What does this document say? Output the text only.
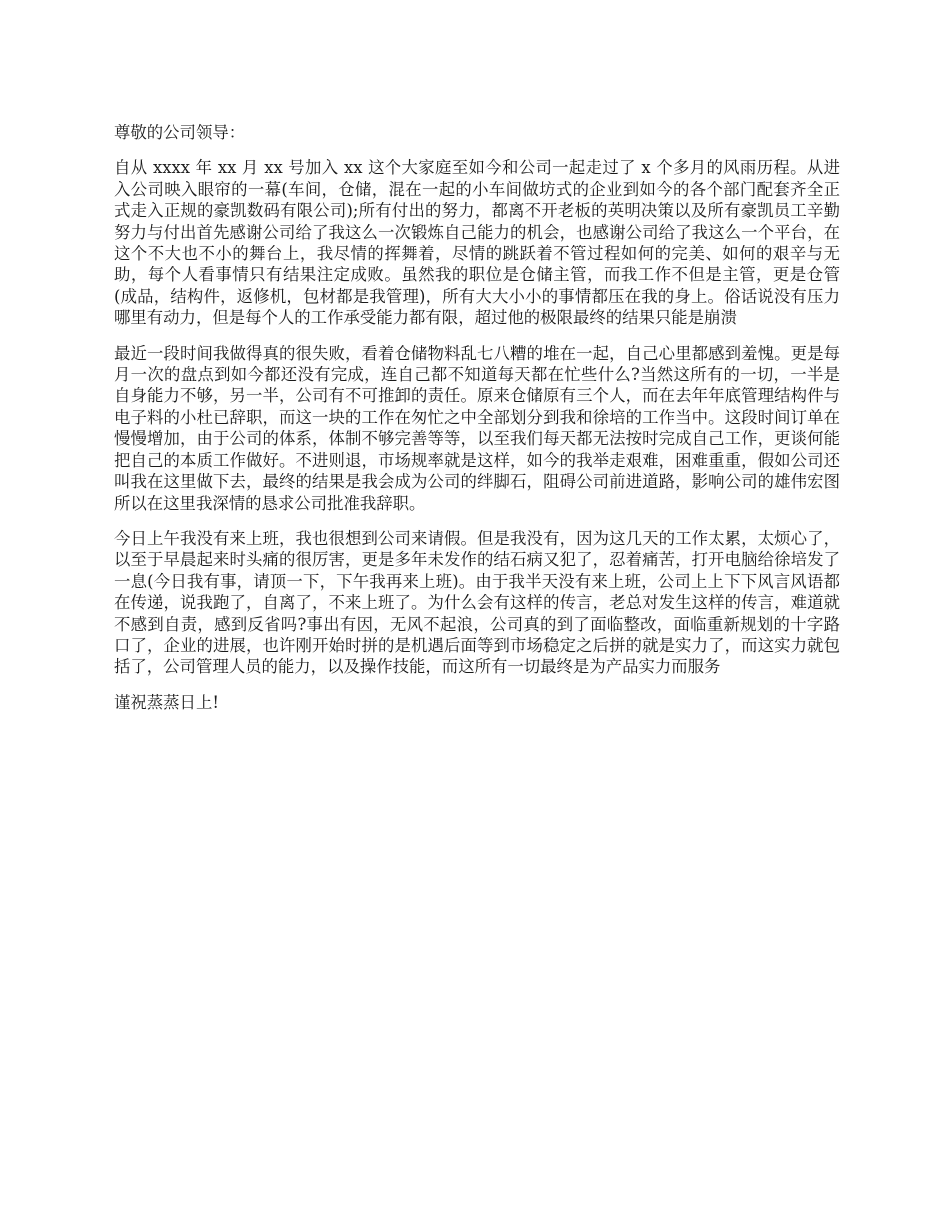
尊敬的公司领导：

自从 xxxx 年 xx 月 xx 号加入 xx 这个大家庭至如今和公司一起走过了 x 个多月的风雨历程。从进入公司映入眼帘的一幕(车间，仓储，混在一起的小车间做坊式的企业到如今的各个部门配套齐全正式走入正规的豪凯数码有限公司);所有付出的努力，都离不开老板的英明决策以及所有豪凯员工辛勤努力与付出首先感谢公司给了我这么一次锻炼自己能力的机会，也感谢公司给了我这么一个平台，在这个不大也不小的舞台上，我尽情的挥舞着，尽情的跳跃着不管过程如何的完美、如何的艰辛与无助，每个人看事情只有结果注定成败。虽然我的职位是仓储主管，而我工作不但是主管，更是仓管(成品，结构件，返修机，包材都是我管理)，所有大大小小的事情都压在我的身上。俗话说没有压力哪里有动力，但是每个人的工作承受能力都有限，超过他的极限最终的结果只能是崩溃

最近一段时间我做得真的很失败，看着仓储物料乱七八糟的堆在一起，自己心里都感到羞愧。更是每月一次的盘点到如今都还没有完成，连自己都不知道每天都在忙些什么?当然这所有的一切，一半是自身能力不够，另一半，公司有不可推卸的责任。原来仓储原有三个人，而在去年年底管理结构件与电子料的小杜已辞职，而这一块的工作在匆忙之中全部划分到我和徐培的工作当中。这段时间订单在慢慢增加，由于公司的体系，体制不够完善等等，以至我们每天都无法按时完成自己工作，更谈何能把自己的本质工作做好。不进则退，市场规率就是这样，如今的我举走艰难，困难重重，假如公司还叫我在这里做下去，最终的结果是我会成为公司的绊脚石，阻碍公司前进道路，影响公司的雄伟宏图所以在这里我深情的恳求公司批准我辞职。

今日上午我没有来上班，我也很想到公司来请假。但是我没有，因为这几天的工作太累，太烦心了，以至于早晨起来时头痛的很厉害，更是多年未发作的结石病又犯了，忍着痛苦，打开电脑给徐培发了一息(今日我有事，请顶一下，下午我再来上班)。由于我半天没有来上班，公司上上下下风言风语都在传递，说我跑了，自离了，不来上班了。为什么会有这样的传言，老总对发生这样的传言，难道就不感到自责，感到反省吗?事出有因，无风不起浪，公司真的到了面临整改，面临重新规划的十字路口了，企业的进展，也许刚开始时拼的是机遇后面等到市场稳定之后拼的就是实力了，而这实力就包括了，公司管理人员的能力，以及操作技能，而这所有一切最终是为产品实力而服务

谨祝蒸蒸日上!
